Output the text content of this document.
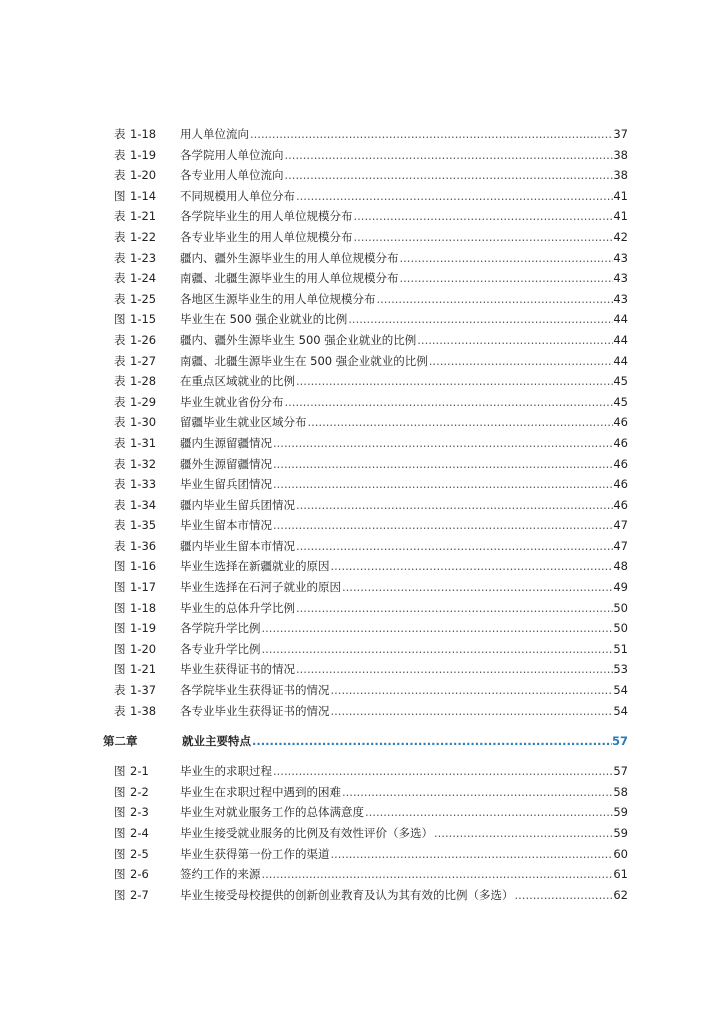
表 1-18	用人单位流向 .....	37
表 1-19	各学院用人单位流向 .....	38
表 1-20	各专业用人单位流向 .....	38
图 1-14	不同规模用人单位分布 .....	41
表 1-21	各学院毕业生的用人单位规模分布 .....	41
表 1-22	各专业毕业生的用人单位规模分布 .....	42
表 1-23	疆内、疆外生源毕业生的用人单位规模分布 .....	43
表 1-24	南疆、北疆生源毕业生的用人单位规模分布 .....	43
表 1-25	各地区生源毕业生的用人单位规模分布 .....	43
图 1-15	毕业生在 500 强企业就业的比例 .....	44
表 1-26	疆内、疆外生源毕业生 500 强企业就业的比例 .....	44
表 1-27	南疆、北疆生源毕业生在 500 强企业就业的比例 .....	44
表 1-28	在重点区域就业的比例 .....	45
表 1-29	毕业生就业省份分布 .....	45
表 1-30	留疆毕业生就业区域分布 .....	46
表 1-31	疆内生源留疆情况 .....	46
表 1-32	疆外生源留疆情况 .....	46
表 1-33	毕业生留兵团情况 .....	46
表 1-34	疆内毕业生留兵团情况 .....	46
表 1-35	毕业生留本市情况 .....	47
表 1-36	疆内毕业生留本市情况 .....	47
图 1-16	毕业生选择在新疆就业的原因 .....	48
图 1-17	毕业生选择在石河子就业的原因 .....	49
图 1-18	毕业生的总体升学比例 .....	50
图 1-19	各学院升学比例 .....	50
图 1-20	各专业升学比例 .....	51
图 1-21	毕业生获得证书的情况 .....	53
表 1-37	各学院毕业生获得证书的情况 .....	54
表 1-38	各专业毕业生获得证书的情况 .....	54
第二章	就业主要特点 .....	57
图 2-1	毕业生的求职过程 .....	57
图 2-2	毕业生在求职过程中遇到的困难 .....	58
图 2-3	毕业生对就业服务工作的总体满意度 .....	59
图 2-4	毕业生接受就业服务的比例及有效性评价（多选） .....	59
图 2-5	毕业生获得第一份工作的渠道 .....	60
图 2-6	签约工作的来源 .....	61
图 2-7	毕业生接受母校提供的创新创业教育及认为其有效的比例（多选） .....	62
